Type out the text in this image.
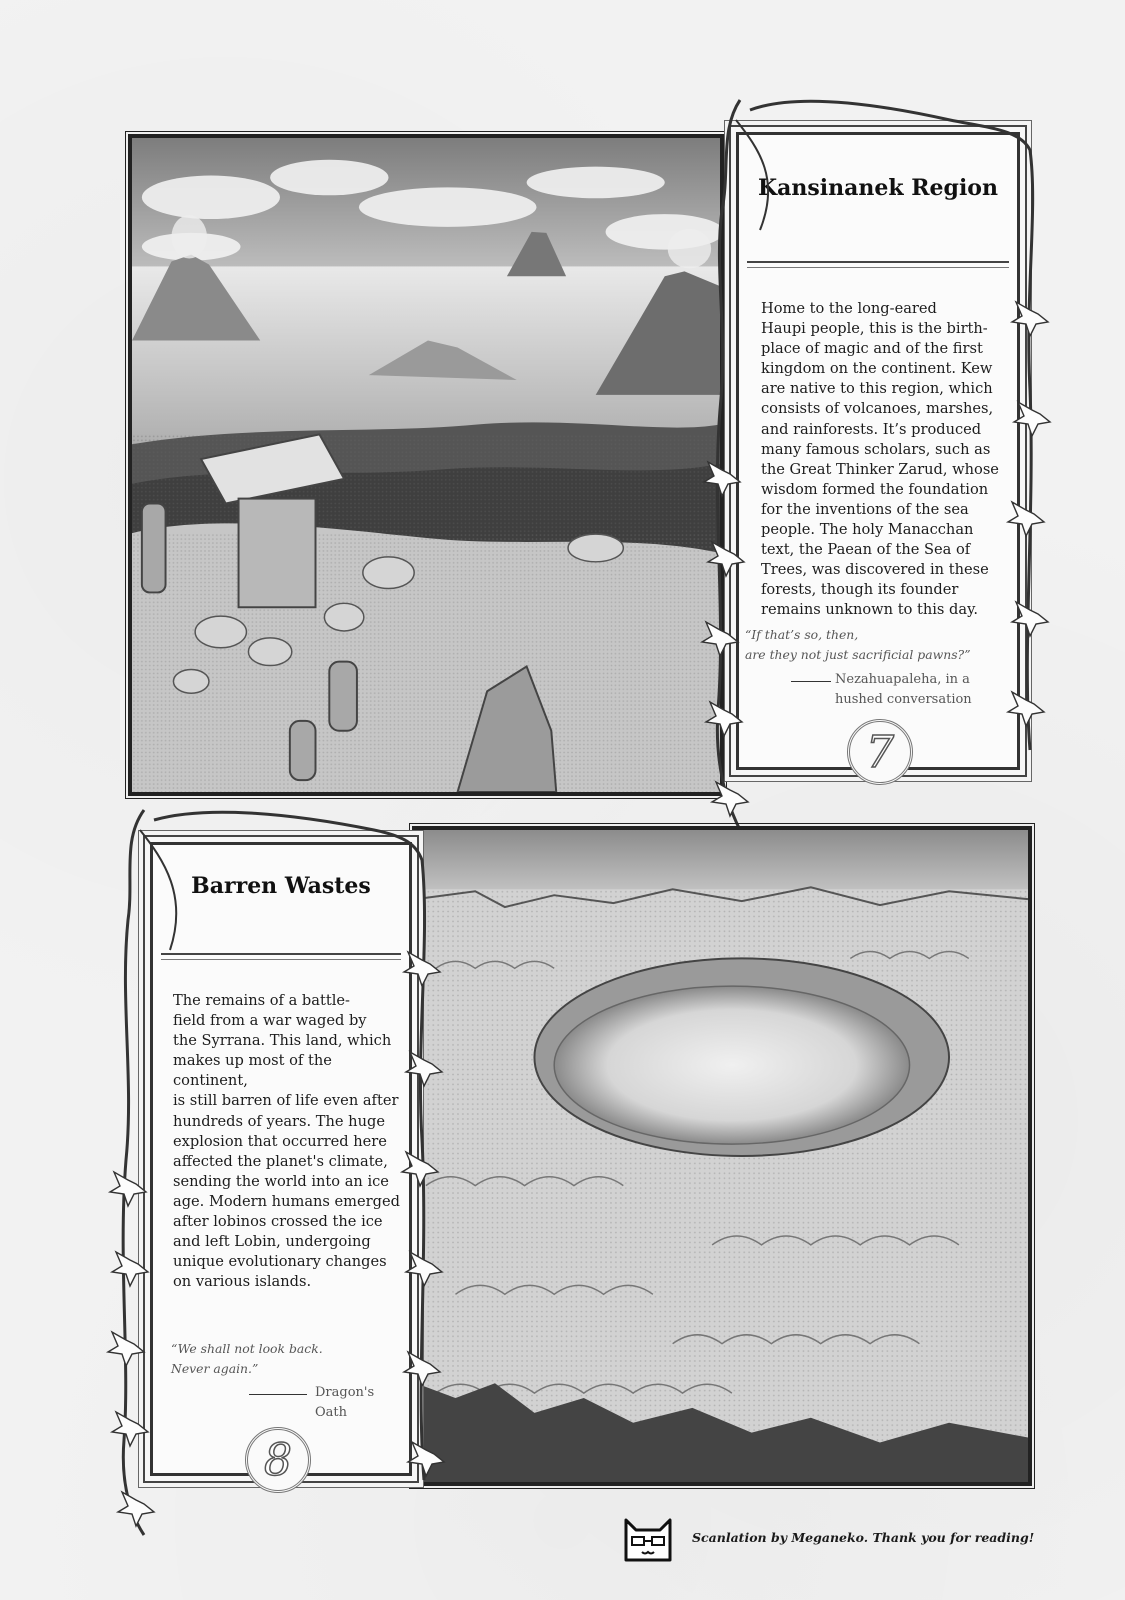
Kansinanek Region
Home to the long-eared
Haupi people, this is the birth-
place of magic and of the first
kingdom on the continent. Kew
are native to this region, which
consists of volcanoes, marshes,
and rainforests. It’s produced
many famous scholars, such as
the Great Thinker Zarud, whose
wisdom formed the foundation
for the inventions of the sea
people. The holy Manacchan
text, the Paean of the Sea of
Trees, was discovered in these
forests, though its founder
remains unknown to this day.
“If that’s so, then,
are they not just sacrificial pawns?”
Nezahuapaleha, in a
hushed conversation
7
Barren Wastes
The remains of a battle-
field from a war waged by
the Syrrana. This land, which
makes up most of the continent,
is still barren of life even after
hundreds of years. The huge
explosion that occurred here
affected the planet's climate,
sending the world into an ice
age. Modern humans emerged
after lobinos crossed the ice
and left Lobin, undergoing
unique evolutionary changes
on various islands.
“We shall not look back.
Never again.”
Dragon's
Oath
8
Scanlation by Meganeko. Thank you for reading!
